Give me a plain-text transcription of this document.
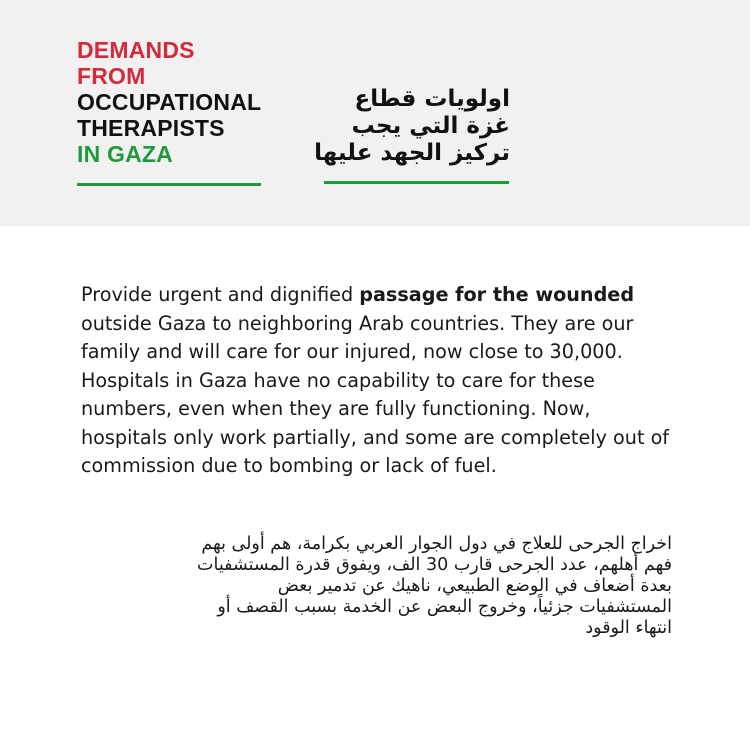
DEMANDS
FROM
OCCUPATIONAL
THERAPISTS
IN GAZA
اولويات قطاع
غزة التي يجب
تركيز الجهد عليها
Provide urgent and dignified passage for the wounded outside Gaza to neighboring Arab countries. They are our family and will care for our injured, now close to 30,000. Hospitals in Gaza have no capability to care for these numbers, even when they are fully functioning. Now, hospitals only work partially, and some are completely out of commission due to bombing or lack of fuel.
اخراج الجرحى للعلاج في دول الجوار العربي بكرامة، هم أولى بهم
فهم أهلهم، عدد الجرحى قارب 30 الف، ويفوق قدرة المستشفيات
بعدة أضعاف في الوضع الطبيعي، ناهيك عن تدمير بعض
المستشفيات جزئياً، وخروج البعض عن الخدمة بسبب القصف أو
انتهاء الوقود
